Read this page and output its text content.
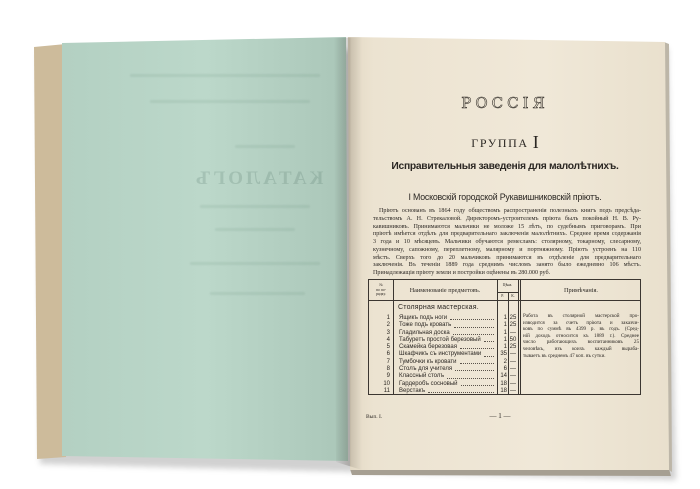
КАТАЛОГЪ
РОССІЯ
ГРУППА I
Исправительныя заведенія для малолѣтнихъ.
I Московскій городской Рукавишниковскій пріютъ.
Пріютъ основанъ въ 1864 году обществомъ распространенія полезныхъ книгъ подъ предсѣда-
тельствомъ А. Н. Стрекаловой. Директоромъ-устроителемъ пріюта былъ покойный Н. В. Ру-
кавишниковъ. Принимаются мальчики не моложе 15 лѣтъ, по судебнымъ приговорамъ. При
пріютѣ имѣется отдѣлъ для предварительнаго заключенія малолѣтнихъ. Среднее время содержанія
3 года и 10 мѣсяцевъ. Мальчики обучаются ремесламъ: столярному, токарному, слесарному,
кузнечному, сапожному, переплетному, малярному и портняжному. Пріютъ устроенъ на 110
мѣстъ. Сверхъ того до 20 мальчиковъ принимаются въ отдѣленіе для предварительнаго
заключенія. Въ теченіи 1889 года среднимъ числомъ занято было ежедневно 106 мѣстъ.
Принадлежащія пріюту земли и постройки оцѣнены въ 280.000 руб.
№
по по-
рядку.
Наименованіе предметовъ.
Цѣна.
Р.	К.
Примѣчанія.
Столярная мастерская.
1 Ящикъ подъ ноги	1 25
2 Тоже подъ кровать	1 25
3 Гладильная доска	1 —
4 Табуретъ простой березовый	1 50
5 Скамейка березовая	1 25
6 Шкафчикъ съ инструментами	35 —
7 Тумбочки къ кровати	2 —
8 Столъ для учителя	6 —
9 Классный столъ	14 —
10 Гардеробъ сосновый	18 —
11 Верстакъ	18 —
Работа въ столярной мастерской про-
изводится за счетъ пріюта и заказчи-
ковъ по суммѣ въ 4399 р. въ годъ. (Сред-
ній доходъ относится къ 1889 г.). Среднее
число работающихъ воспитанниковъ 25
человѣкъ, изъ коихъ каждый выраба-
тываетъ въ среднемъ 47 коп. въ сутки.
Вып. I.	— 1 —
